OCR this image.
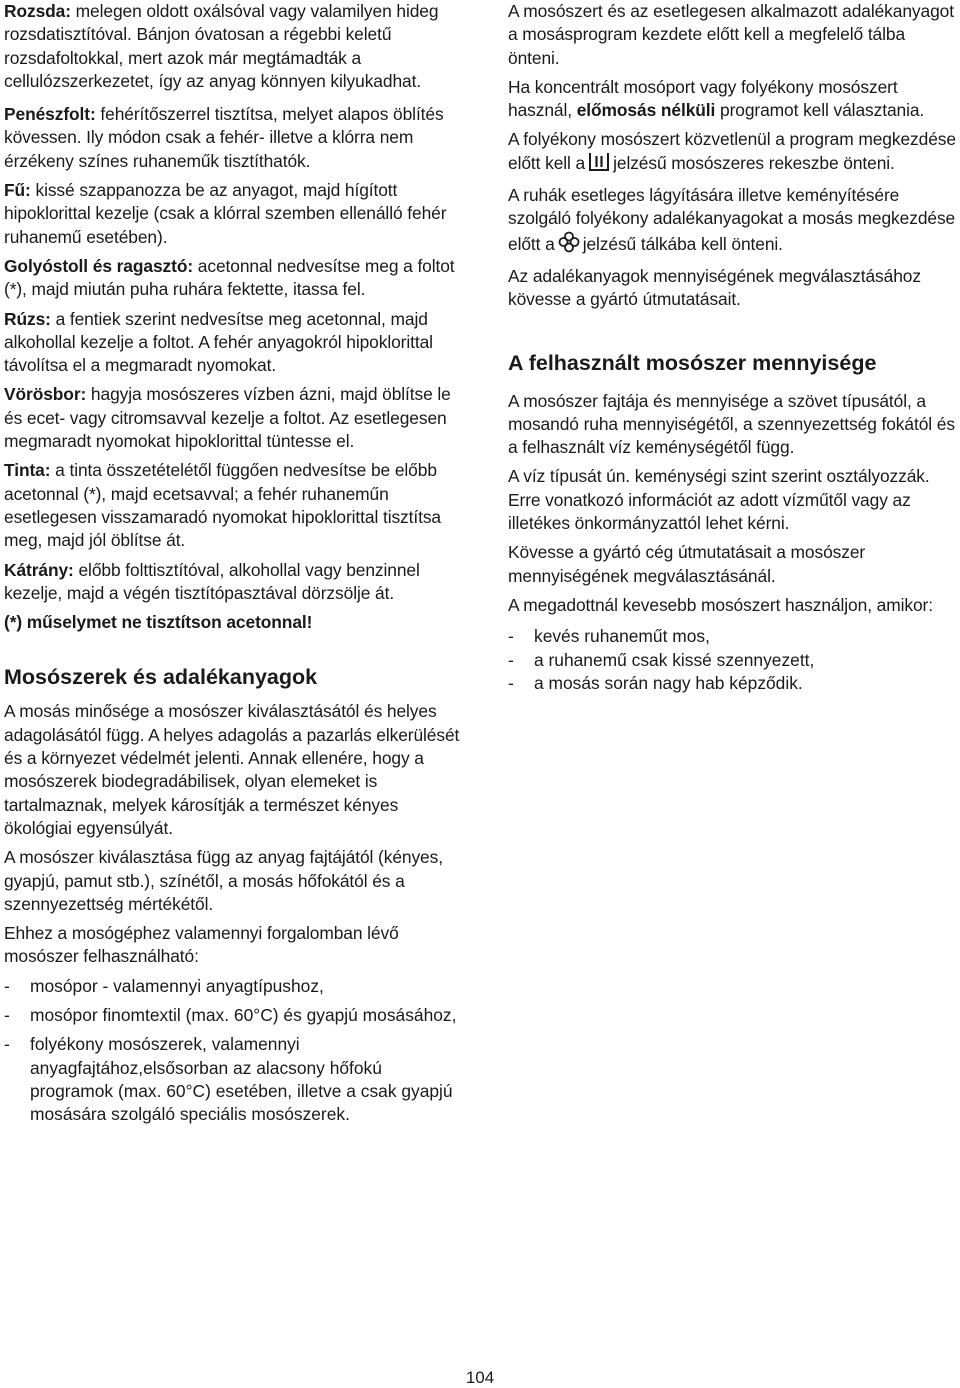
Rozsda: melegen oldott oxálsóval vagy valamilyen hideg rozsdatisztítóval. Bánjon óvatosan a régebbi keletű rozsdafoltokkal, mert azok már megtámadták a cellulózszerkezetet, így az anyag könnyen kilyukadhat.

Penészfolt: fehérítőszerrel tisztítsa, melyet alapos öblítés kövessen. Ily módon csak a fehér- illetve a klórra nem érzékeny színes ruhaneműk tisztíthatók.

Fű: kissé szappanozza be az anyagot, majd hígított hipoklorittal kezelje (csak a klórral szemben ellenálló fehér ruhanemű esetében).

Golyóstoll és ragasztó: acetonnal nedvesítse meg a foltot (*), majd miután puha ruhára fektette, itassa fel.

Rúzs: a fentiek szerint nedvesítse meg acetonnal, majd alkohollal kezelje a foltot. A fehér anyagokról hipoklorittal távolítsa el a megmaradt nyomokat.

Vörösbor: hagyja mosószeres vízben ázni, majd öblítse le és ecet- vagy citromsavval kezelje a foltot. Az esetlegesen megmaradt nyomokat hipoklorittal tüntesse el.

Tinta: a tinta összetételétől függően nedvesítse be előbb acetonnal (*), majd ecetsavval; a fehér ruhaneműn esetlegesen visszamaradó nyomokat hipoklorittal tisztítsa meg, majd jól öblítse át.

Kátrány: előbb folttisztítóval, alkohollal vagy benzinnel kezelje, majd a végén tisztítópasztával dörzsölje át.

(*) műselymet ne tisztítson acetonnal!

Mosószerek és adalékanyagok

A mosás minősége a mosószer kiválasztásától és helyes adagolásától függ. A helyes adagolás a pazarlás elkerülését és a környezet védelmét jelenti. Annak ellenére, hogy a mosószerek biodegradábilisek, olyan elemeket is tartalmaznak, melyek károsítják a természet kényes ökológiai egyensúlyát.

A mosószer kiválasztása függ az anyag fajtájától (kényes, gyapjú, pamut stb.), színétől, a mosás hőfokától és a szennyezettség mértékétől.

Ehhez a mosógéphez valamennyi forgalomban lévő mosószer felhasználható:

- mosópor - valamennyi anyagtípushoz,
- mosópor finomtextil (max. 60°C) és gyapjú mosásához,
- folyékony mosószerek, valamennyi anyagfajtához,elsősorban az alacsony hőfokú programok (max. 60°C) esetében, illetve a csak gyapjú mosására szolgáló speciális mosószerek.

A mosószert és az esetlegesen alkalmazott adalékanyagot a mosásprogram kezdete előtt kell a megfelelő tálba önteni.

Ha koncentrált mosóport vagy folyékony mosószert használ, előmosás nélküli programot kell választania.

A folyékony mosószert közvetlenül a program megkezdése előtt kell a jelzésű mosószeres rekeszbe önteni.

A ruhák esetleges lágyítására illetve keményítésére szolgáló folyékony adalékanyagokat a mosás megkezdése előtt a jelzésű tálkába kell önteni.

Az adalékanyagok mennyiségének megválasztásához kövesse a gyártó útmutatásait.

A felhasznált mosószer mennyisége

A mosószer fajtája és mennyisége a szövet típusától, a mosandó ruha mennyiségétől, a szennyezettség fokától és a felhasznált víz keménységétől függ.

A víz típusát ún. keménységi szint szerint osztályozzák. Erre vonatkozó információt az adott vízműtől vagy az illetékes önkormányzattól lehet kérni.

Kövesse a gyártó cég útmutatásait a mosószer mennyiségének megválasztásánál.

A megadottnál kevesebb mosószert használjon, amikor:

- kevés ruhaneműt mos,
- a ruhanemű csak kissé szennyezett,
- a mosás során nagy hab képződik.
104
